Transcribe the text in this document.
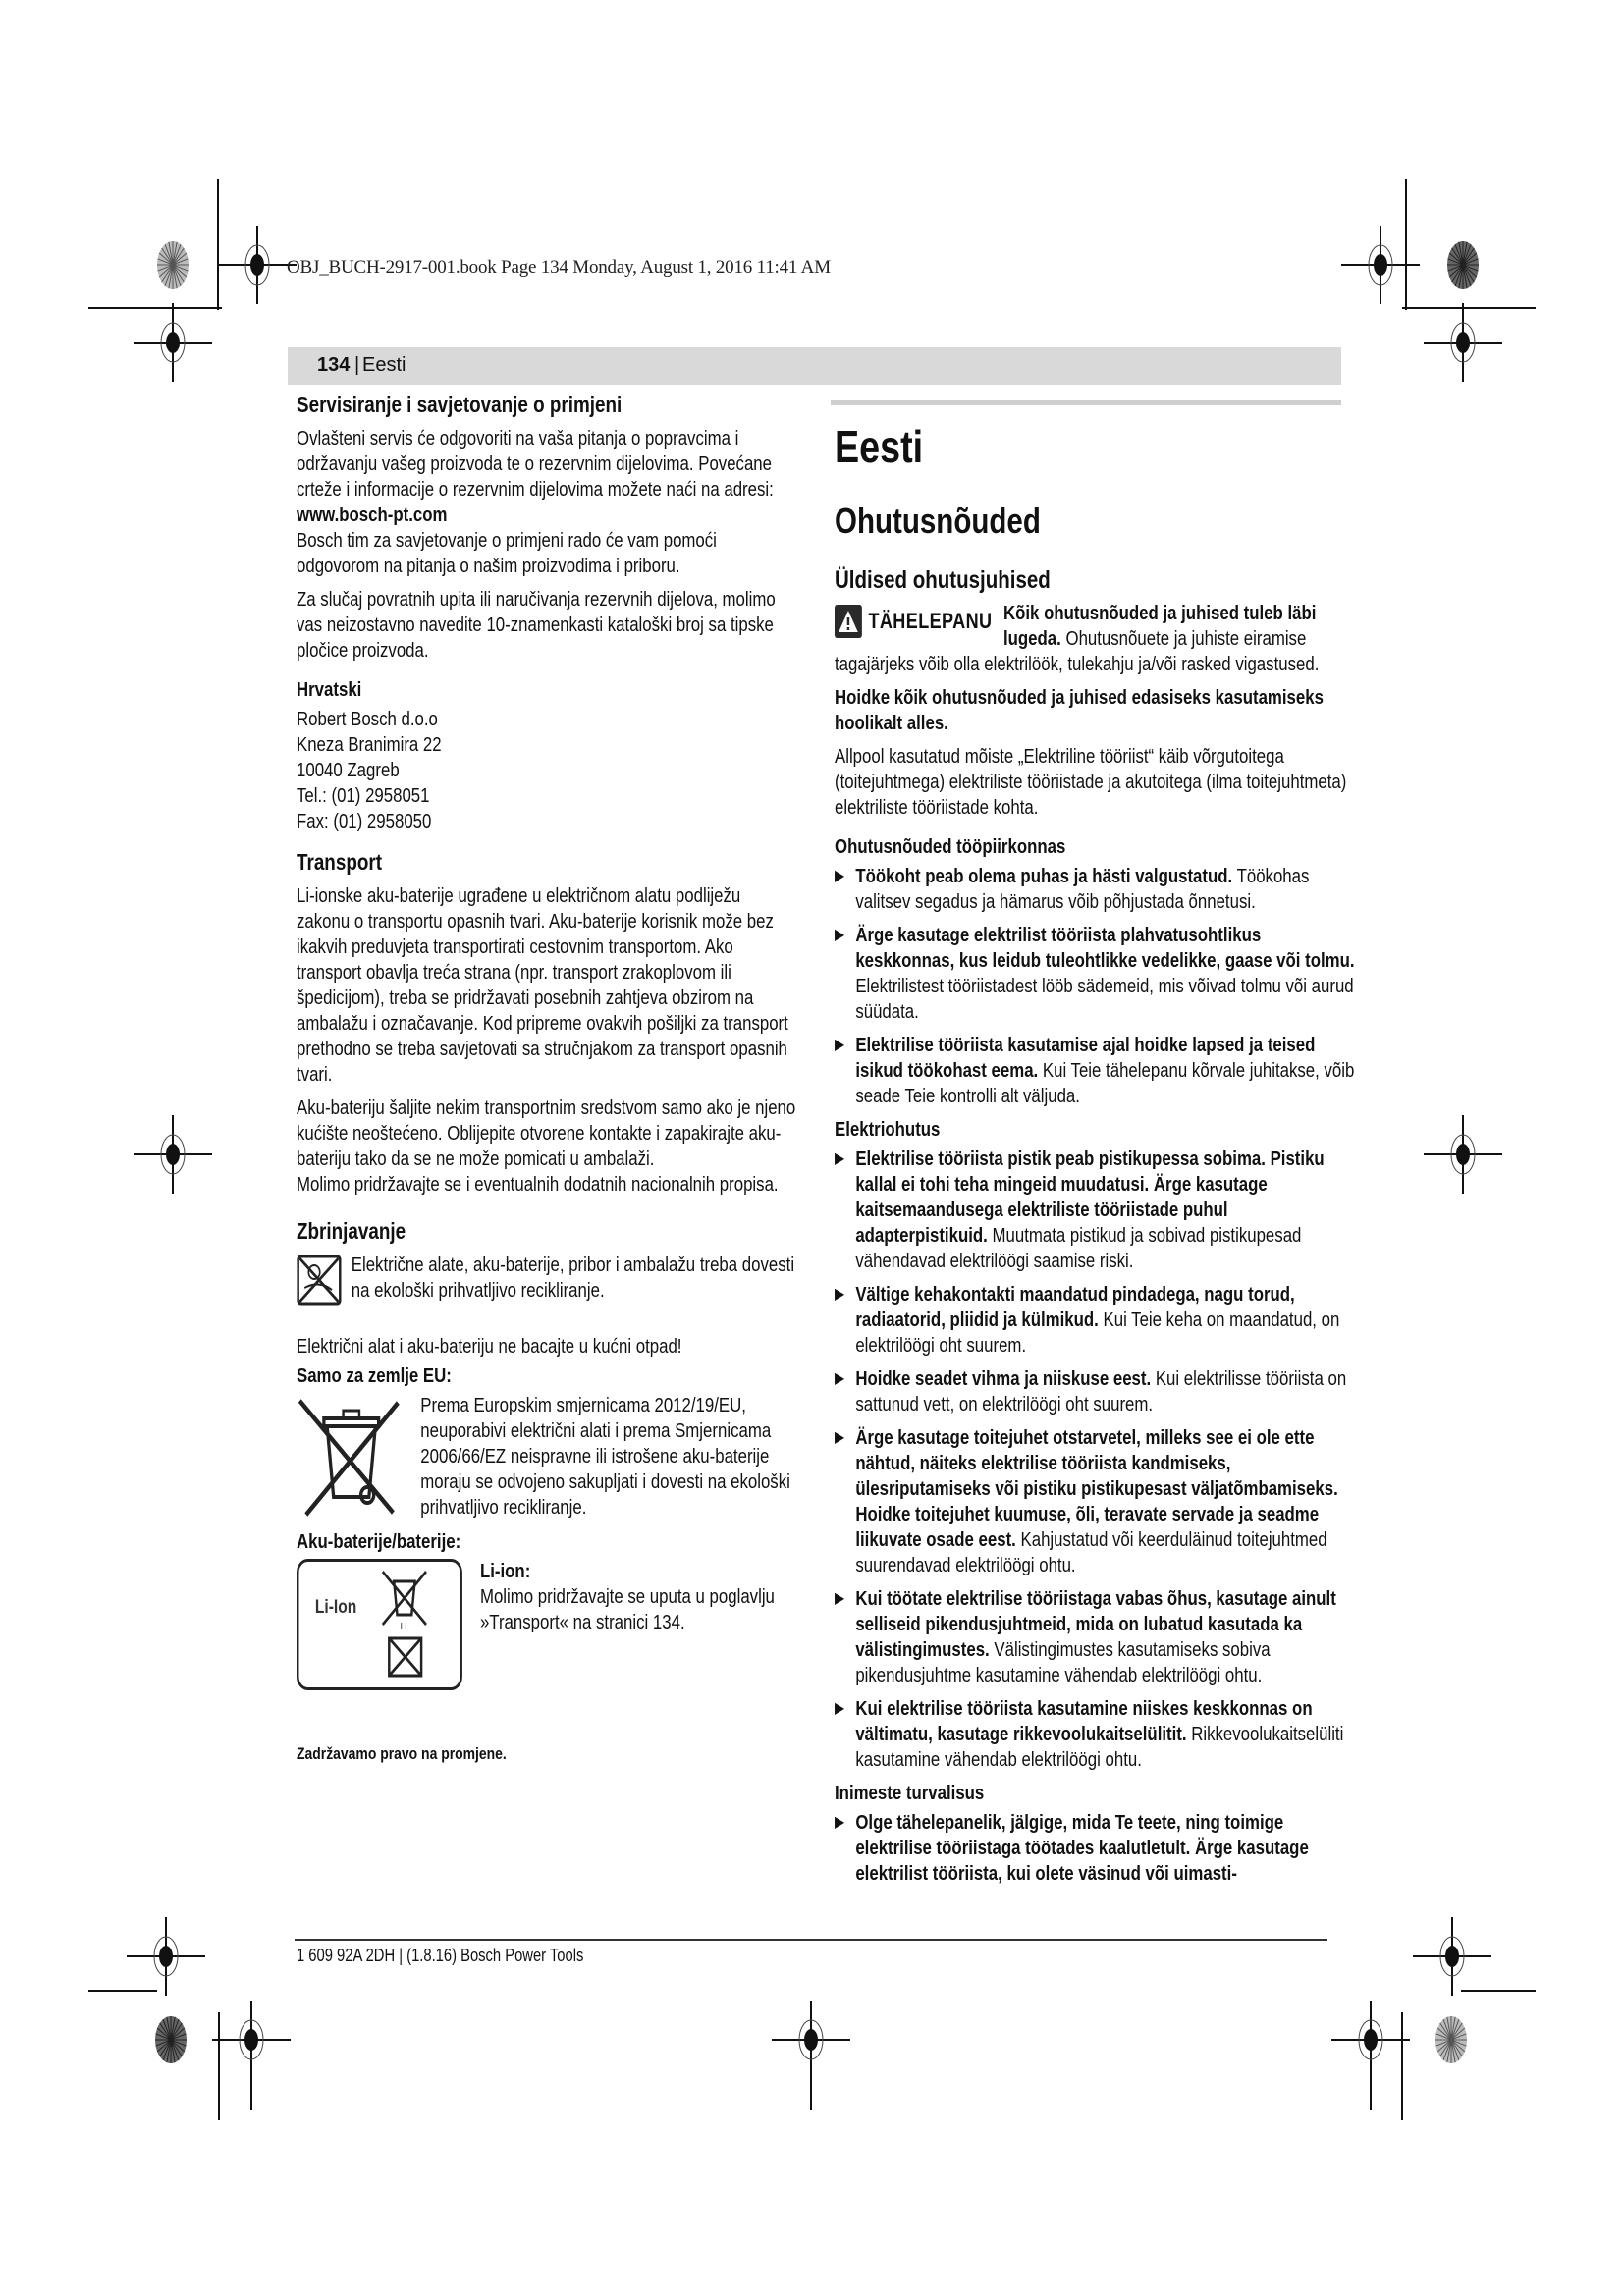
OBJ_BUCH-2917-001.book Page 134 Monday, August 1, 2016 11:41 AM
134 | Eesti
Servisiranje i savjetovanje o primjeni

Ovlašteni servis će odgovoriti na vaša pitanja o popravcima i održavanju vašeg proizvoda te o rezervnim dijelovima. Povećane crteže i informacije o rezervnim dijelovima možete naći na adresi:
www.bosch-pt.com
Bosch tim za savjetovanje o primjeni rado će vam pomoći odgovorom na pitanja o našim proizvodima i priboru.

Za slučaj povratnih upita ili naručivanja rezervnih dijelova, molimo vas neizostavno navedite 10-znamenkasti kataloški broj sa tipske pločice proizvoda.

Hrvatski
Robert Bosch d.o.o
Kneza Branimira 22
10040 Zagreb
Tel.: (01) 2958051
Fax: (01) 2958050
Transport

Li-ionske aku-baterije ugrađene u električnom alatu podliježu zakonu o transportu opasnih tvari. Aku-baterije korisnik može bez ikakvih preduvjeta transportirati cestovnim transportom. Ako transport obavlja treća strana (npr. transport zrakoplovom ili špedicijom), treba se pridržavati posebnih zahtjeva obzirom na ambalažu i označavanje. Kod pripreme ovakvih pošiljki za transport prethodno se treba savjetovati sa stručnjakom za transport opasnih tvari.

Aku-bateriju šaljite nekim transportnim sredstvom samo ako je njeno kućište neoštećeno. Oblijepite otvorene kontakte i zapakirajte aku-bateriju tako da se ne može pomicati u ambalaži.

Molimo pridržavajte se i eventualnih dodatnih nacionalnih propisa.

Zbrinjavanje
Električne alate, aku-baterije, pribor i ambalažu treba dovesti na ekološki prihvatljivo recikliranje.

Električni alat i aku-bateriju ne bacajte u kućni otpad!

Samo za zemlje EU:
Prema Europskim smjernicama 2012/19/EU, neuporabivi električni alati i prema Smjernicama 2006/66/EZ neispravne ili istrošene aku-baterije moraju se odvojeno sakupljati i dovesti na ekološki prihvatljivo recikliranje.
Aku-baterije/baterije:
Li-Ion
Li
Li-ion:
Molimo pridržavajte se uputa u poglavlju »Transport« na stranici 134.

Zadržavamo pravo na promjene.

Eesti
Ohutusnõuded
Üldised ohutusjuhised

TÄHELEPANU Kõik ohutusnõuded ja juhised tuleb läbi lugeda. Ohutusnõuete ja juhiste eiramise tagajärjeks võib olla elektrilöök, tulekahju ja/või rasked vigastused.

Hoidke kõik ohutusnõuded ja juhised edasiseks kasutamiseks hoolikalt alles.

Allpool kasutatud mõiste „Elektriline tööriist“ käib võrgutoitega (toitejuhtmega) elektriliste tööriistade ja akutoitega (ilma toitejuhtmeta) elektriliste tööriistade kohta.

Ohutusnõuded tööpiirkonnas
▶ Töökoht peab olema puhas ja hästi valgustatud. Töökohas valitsev segadus ja hämarus võib põhjustada õnnetusi.
▶ Ärge kasutage elektrilist tööriista plahvatusohtlikus keskkonnas, kus leidub tuleohtlikke vedelikke, gaase või tolmu. Elektrilistest tööriistadest lööb sädemeid, mis võivad tolmu või aurud süüdata.
▶ Elektrilise tööriista kasutamise ajal hoidke lapsed ja teised isikud töökohast eema. Kui Teie tähelepanu kõrvale juhitakse, võib seade Teie kontrolli alt väljuda.
Elektriohutus
▶ Elektrilise tööriista pistik peab pistikupessa sobima. Pistiku kallal ei tohi teha mingeid muudatusi. Ärge kasutage kaitsemaandusega elektriliste tööriistade puhul adapterpistikuid. Muutmata pistikud ja sobivad pistikupesad vähendavad elektrilöögi saamise riski.
▶ Vältige kehakontakti maandatud pindadega, nagu torud, radiaatorid, pliidid ja külmikud. Kui Teie keha on maandatud, on elektrilöögi oht suurem.
▶ Hoidke seadet vihma ja niiskuse eest. Kui elektrilisse tööriista on sattunud vett, on elektrilöögi oht suurem.
▶ Ärge kasutage toitejuhet otstarvetel, milleks see ei ole ette nähtud, näiteks elektrilise tööriista kandmiseks, ülesriputamiseks või pistiku pistikupesast väljatõmbamiseks. Hoidke toitejuhet kuumuse, õli, teravate servade ja seadme liikuvate osade eest. Kahjustatud või keerduläinud toitejuhtmed suurendavad elektrilöögi ohtu.
▶ Kui töötate elektrilise tööriistaga vabas õhus, kasutage ainult selliseid pikendusjuhtmeid, mida on lubatud kasutada ka välistingimustes. Välistingimustes kasutamiseks sobiva pikendusjuhtme kasutamine vähendab elektrilöögi ohtu.
▶ Kui elektrilise tööriista kasutamine niiskes keskkonnas on vältimatu, kasutage rikkevoolukaitselülitit. Rikkevoolukaitselüliti kasutamine vähendab elektrilöögi ohtu.
Inimeste turvalisus
▶ Olge tähelepanelik, jälgige, mida Te teete, ning toimige elektrilise tööriistaga töötades kaalutletult. Ärge kasutage elektrilist tööriista, kui olete väsinud või uimasti-
1 609 92A 2DH | (1.8.16) Bosch Power Tools
